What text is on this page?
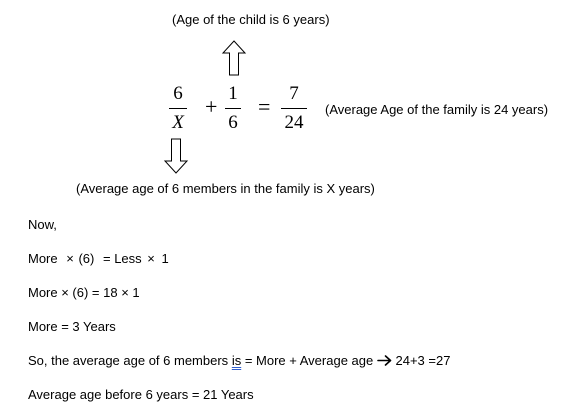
(Age of the child is 6 years)
6
X
+
1
6
=
7
24
(Average Age of the family is 24 years)
(Average age of 6 members in the family is X years)
Now,
More × (6) = Less × 1
More × (6) = 18 × 1
More = 3 Years
So, the average age of 6 members is = More + Average age 24+3 =27
Average age before 6 years = 21 Years
